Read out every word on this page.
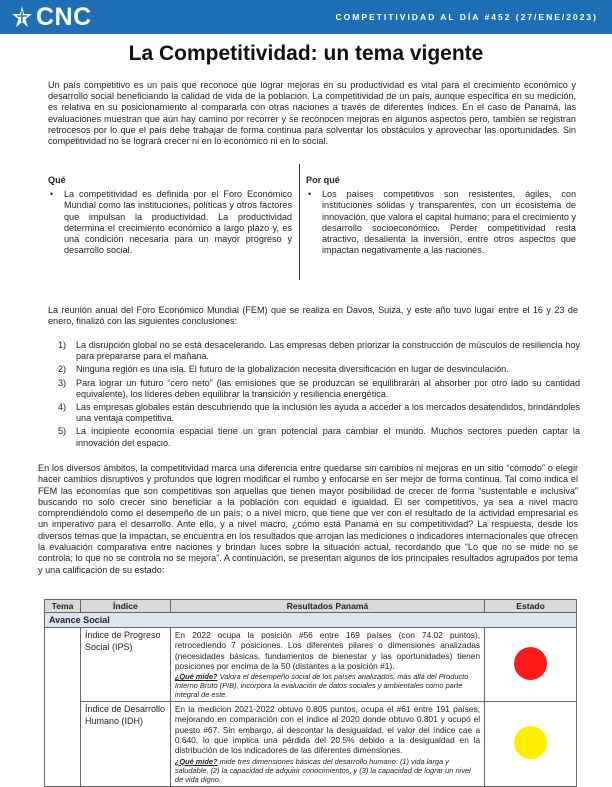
CNC	COMPETITIVIDAD AL DÍA #452 (27/ENE/2023)
La Competitividad: un tema vigente

Un país competitivo es un país que reconoce que lograr mejoras en su productividad es vital para el crecimiento económico y desarrollo social beneficiando la calidad de vida de la población. La competitividad de un país, aunque específica en su medición, es relativa en su posicionamiento al compararla con otras naciones a través de diferentes índices. En el caso de Panamá, las evaluaciones muestran que aún hay camino por recorrer y se reconocen mejoras en algunos aspectos pero, también se registran retrocesos por lo que el país debe trabajar de forma continua para solventar los obstáculos y aprovechar las oportunidades. Sin competitividad no se logrará crecer ni en lo económico ni en lo social.

Qué
• La competitividad es definida por el Foro Económico Mundial como las instituciones, políticas y otros factores que impulsan la productividad. La productividad determina el crecimiento económico a largo plazo y, es una condición necesaria para un mayor progreso y desarrollo social.
Por qué
• Los países competitivos son resistentes, ágiles, con instituciones sólidas y transparentes, con un ecosistema de innovación, que valora el capital humano; para el crecimiento y desarrollo socioeconómico. Perder competitividad resta atractivo, desalienta la inversión, entre otros aspectos que impactan negativamente a las naciones.

La reunión anual del Foro Económico Mundial (FEM) que se realiza en Davos, Suiza, y este año tuvo lugar entre el 16 y 23 de enero, finalizó con las siguientes conclusiones:

1) La disrupción global no se está desacelerando. Las empresas deben priorizar la construcción de músculos de resiliencia hoy para prepararse para el mañana.
2) Ninguna región es una isla. El futuro de la globalización necesita diversificación en lugar de desvinculación.
3) Para lograr un futuro “cero neto” (las emisiones que se produzcan se equilibrarán al absorber por otro lado su cantidad equivalente), los líderes deben equilibrar la transición y resiliencia energética.
4) Las empresas globales están descubriendo que la inclusión les ayuda a acceder a los mercados desatendidos, brindándoles una ventaja competitiva.
5) La incipiente economía espacial tiene un gran potencial para cambiar el mundo. Muchos sectores pueden captar la innovación del espacio.

En los diversos ámbitos, la competitividad marca una diferencia entre quedarse sin cambios ni mejoras en un sitio “cómodo” o elegir hacer cambios disruptivos y profundos que logren modificar el rumbo y enfocarse en ser mejor de forma continua. Tal como indica el FEM las economías que son competitivas son aquellas que tienen mayor posibilidad de crecer de forma “sustentable e inclusiva” buscando no solo crecer sino beneficiar a la población con equidad e igualdad. El ser competitivos, ya sea a nivel macro comprendiéndolo como el desempeño de un país; o a nivel micro, que tiene que ver con el resultado de la actividad empresarial es un imperativo para el desarrollo. Ante ello, y a nivel macro, ¿cómo está Panamá en su competitividad? La respuesta, desde los diversos temas que la impactan, se encuentra en los resultados que arrojan las mediciones o indicadores internacionales que ofrecen la evaluación comparativa entre naciones y brindan luces sobre la situación actual, recordando que “Lo que no se mide no se controla; lo que no se controla no se mejora”. A continuación, se presentan algunos de los principales resultados agrupados por tema y una calificación de su estado:

Tema	Índice	Resultados Panamá	Estado
Avance Social			
	Índice de Progreso Social (IPS)	En 2022 ocupa la posición #56 entre 169 países (con 74.02 puntos), retrocediendo 7 posiciones. Los diferentes pilares o dimensiones analizadas (necesidades básicas, fundamentos de bienestar y las oportunidades) tienen posiciones por encima de la 50 (distantes a la posición #1).
¿Qué mide? Valora el desempeño social de los países analizados, más allá del Producto Interno Bruto (PIB), incorpora la evaluación de datos sociales y ambientales como parte integral de este.	

	Índice de Desarrollo Humano (IDH)	En la medicion 2021-2022 obtuvo 0.805 puntos, ocupa el #61 entre 191 países, mejorando en comparación con el índice al 2020 donde obtuvo 0.801 y ocupó el puesto #67. Sin embargo, al descontar la desigualdad, el valor del índice cae a 0.640, lo que implica una pérdida del 20.5% debido a la desigualdad en la distribución de los indicadores de las diferentes dimensiones.
¿Qué mide? mide tres dimensiones básicas del desarrollo humano: (1) vida larga y saludable, (2) la capacidad de adquirir conocimientos, y (3) la capacidad de lograr un nivel de vida digno.	
